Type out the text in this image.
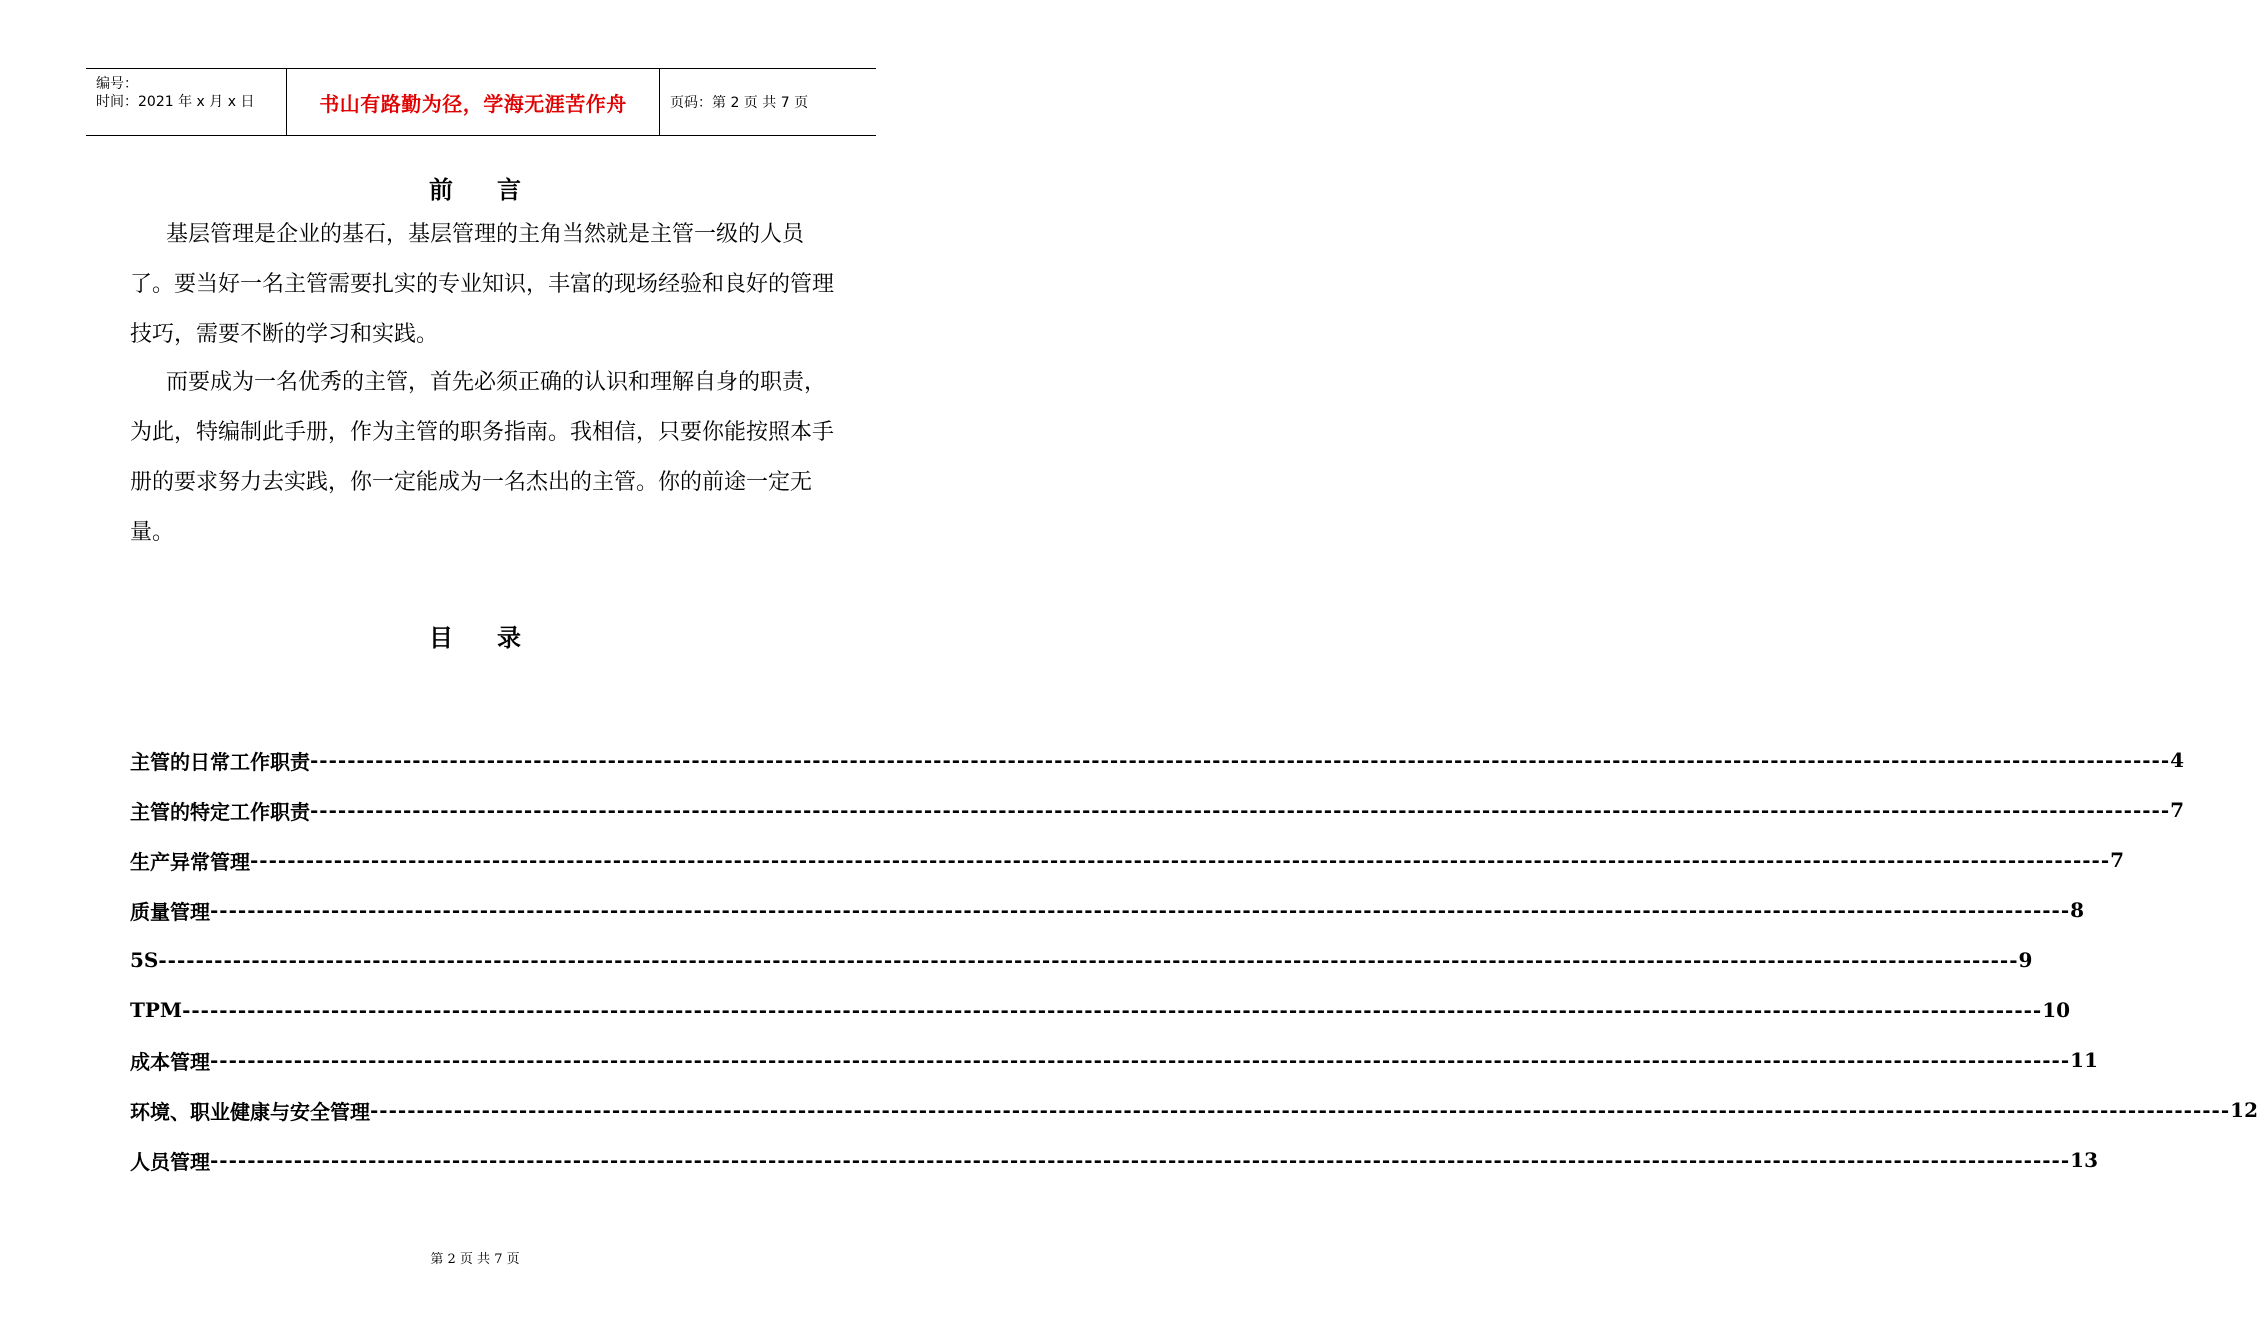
编号：
时间：2021 年 x 月 x 日	书山有路勤为径，学海无涯苦作舟	页码：第 2 页 共 7 页
前 言

基层管理是企业的基石，基层管理的主角当然就是主管一级的人员了。要当好一名主管需要扎实的专业知识，丰富的现场经验和良好的管理技巧，需要不断的学习和实践。

而要成为一名优秀的主管，首先必须正确的认识和理解自身的职责，为此，特编制此手册，作为主管的职务指南。我相信，只要你能按照本手册的要求努力去实践，你一定能成为一名杰出的主管。你的前途一定无量。

目 录
主管的日常工作职责 -------------------------------------------------------------------------------------------------------------------------------------------------------------------------------------------------------- 4
主管的特定工作职责 -------------------------------------------------------------------------------------------------------------------------------------------------------------------------------------------------------- 7
生产异常管理 -------------------------------------------------------------------------------------------------------------------------------------------------------------------------------------------------------- 7
质量管理 -------------------------------------------------------------------------------------------------------------------------------------------------------------------------------------------------------- 8
5S -------------------------------------------------------------------------------------------------------------------------------------------------------------------------------------------------------- 9
TPM -------------------------------------------------------------------------------------------------------------------------------------------------------------------------------------------------------- 10
成本管理 -------------------------------------------------------------------------------------------------------------------------------------------------------------------------------------------------------- 11
环境、职业健康与安全管理 -------------------------------------------------------------------------------------------------------------------------------------------------------------------------------------------------------- 12
人员管理 -------------------------------------------------------------------------------------------------------------------------------------------------------------------------------------------------------- 13
第 2 页 共 7 页
